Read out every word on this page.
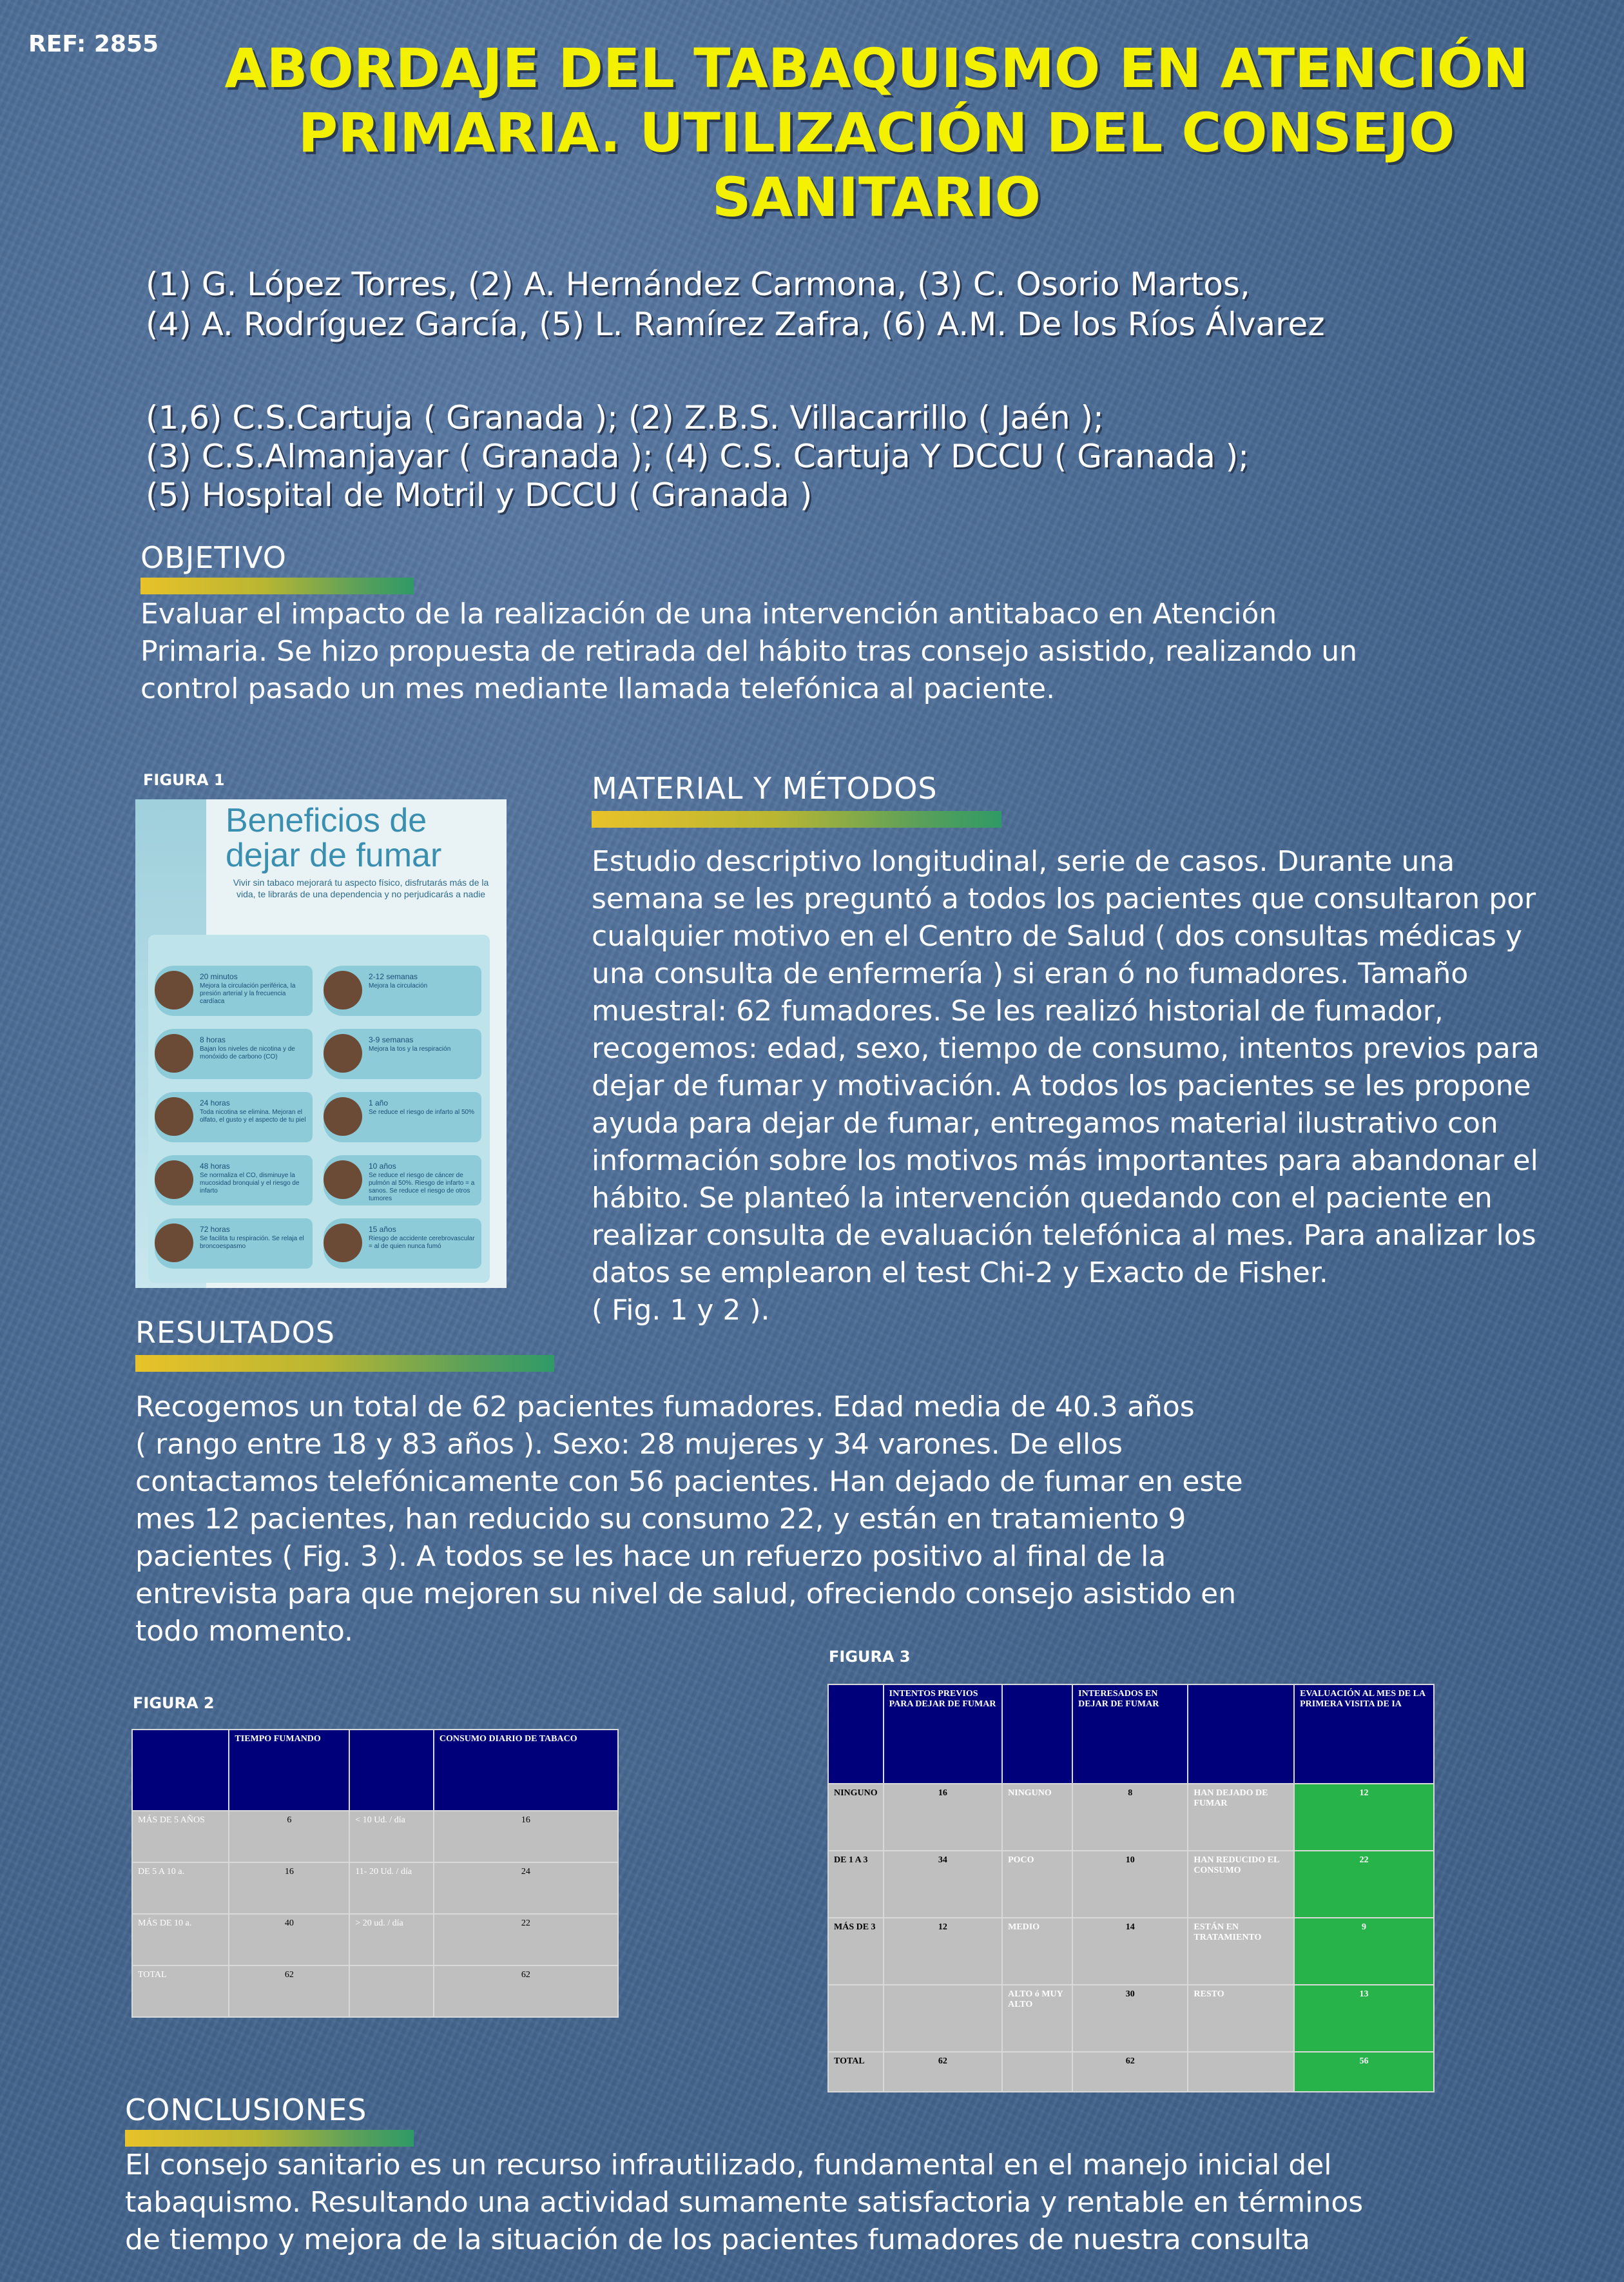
REF: 2855	ABORDAJE DEL TABAQUISMO EN ATENCIÓN
PRIMARIA. UTILIZACIÓN DEL CONSEJO
SANITARIO
(1) G. López Torres, (2) A. Hernández Carmona, (3) C. Osorio Martos,
(4) A. Rodríguez García, (5) L. Ramírez Zafra, (6) A.M. De los Ríos Álvarez
(1,6) C.S.Cartuja ( Granada ); (2) Z.B.S. Villacarrillo ( Jaén );
(3) C.S.Almanjayar ( Granada ); (4) C.S. Cartuja Y DCCU ( Granada );
(5) Hospital de Motril y DCCU ( Granada )
OBJETIVO
Evaluar el impacto de la realización de una intervención antitabaco en Atención
Primaria. Se hizo propuesta de retirada del hábito tras consejo asistido, realizando un
control pasado un mes mediante llamada telefónica al paciente.
FIGURA 1
Beneficios de
dejar de fumar
Vivir sin tabaco mejorará tu aspecto físico, disfrutarás más de la vida, te librarás de una dependencia y no perjudicarás a nadie
20 minutos
Mejora la circulación periférica, la presión arterial y la frecuencia cardíaca
2-12 semanas
Mejora la circulación
8 horas
Bajan los niveles de nicotina y de monóxido de carbono (CO)
3-9 semanas
Mejora la tos y la respiración
24 horas
Toda nicotina se elimina. Mejoran el olfato, el gusto y el aspecto de tu piel
1 año
Se reduce el riesgo de infarto al 50%
48 horas
Se normaliza el CO, disminuye la mucosidad bronquial y el riesgo de infarto
10 años
Se reduce el riesgo de cáncer de pulmón al 50%. Riesgo de infarto = a sanos. Se reduce el riesgo de otros tumores
72 horas
Se facilita tu respiración. Se relaja el broncoespasmo
15 años
Riesgo de accidente cerebrovascular = al de quien nunca fumó
MATERIAL Y MÉTODOS
Estudio descriptivo longitudinal, serie de casos. Durante una
semana se les preguntó a todos los pacientes que consultaron por
cualquier motivo en el Centro de Salud ( dos consultas médicas y
una consulta de enfermería ) si eran ó no fumadores. Tamaño
muestral: 62 fumadores. Se les realizó historial de fumador,
recogemos: edad, sexo, tiempo de consumo, intentos previos para
dejar de fumar y motivación. A todos los pacientes se les propone
ayuda para dejar de fumar, entregamos material ilustrativo con
información sobre los motivos más importantes para abandonar el
hábito. Se planteó la intervención quedando con el paciente en
realizar consulta de evaluación telefónica al mes. Para analizar los
datos se emplearon el test Chi-2 y Exacto de Fisher.
( Fig. 1 y 2 ).
RESULTADOS
Recogemos un total de 62 pacientes fumadores. Edad media de 40.3 años
( rango entre 18 y 83 años ). Sexo: 28 mujeres y 34 varones. De ellos
contactamos telefónicamente con 56 pacientes. Han dejado de fumar en este
mes 12 pacientes, han reducido su consumo 22, y están en tratamiento 9
pacientes ( Fig. 3 ). A todos se les hace un refuerzo positivo al final de la
entrevista para que mejoren su nivel de salud, ofreciendo consejo asistido en
todo momento.
FIGURA 2
	TIEMPO FUMANDO		CONSUMO DIARIO DE TABACO
MÁS DE 5 AÑOS	6	< 10 Ud. / día	16
DE 5 A 10 a.	16	11- 20 Ud. / día	24
MÁS DE 10 a.	40	> 20 ud. / día	22
TOTAL	62		62
FIGURA 3
	INTENTOS PREVIOS PARA DEJAR DE FUMAR		INTERESADOS EN DEJAR DE FUMAR		EVALUACIÓN AL MES DE LA PRIMERA VISITA DE IA
NINGUNO	16	NINGUNO	8	HAN DEJADO DE FUMAR	12
DE 1 A 3	34	POCO	10	HAN REDUCIDO EL CONSUMO	22
MÁS DE 3	12	MEDIO	14	ESTÁN EN TRATAMIENTO	9
		ALTO ó MUY ALTO	30	RESTO	13
TOTAL	62		62		56
CONCLUSIONES
El consejo sanitario es un recurso infrautilizado, fundamental en el manejo inicial del
tabaquismo. Resultando una actividad sumamente satisfactoria y rentable en términos
de tiempo y mejora de la situación de los pacientes fumadores de nuestra consulta
